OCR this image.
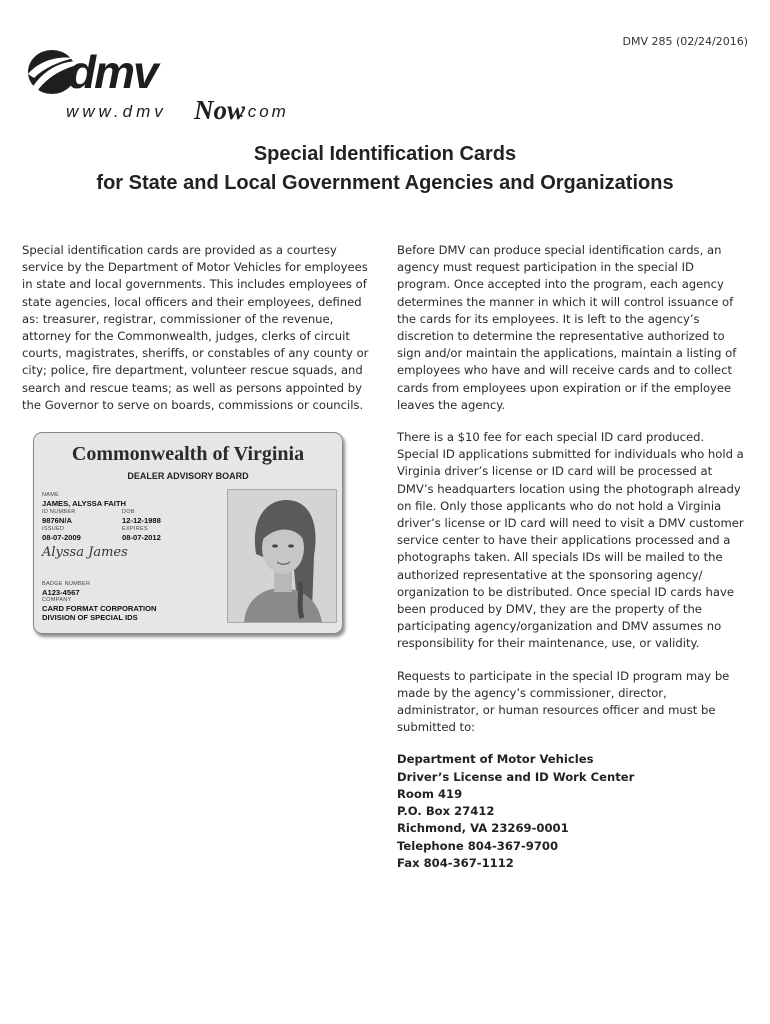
DMV 285 (02/24/2016)
dmv
www.dmv Now
.com
Special Identification Cards
for State and Local Government Agencies and Organizations

Special identification cards are provided as a courtesy service by the Department of Motor Vehicles for employees in state and local governments. This includes employees of state agencies, local officers and their employees, defined as: treasurer, registrar, commissioner of the revenue, attorney for the Commonwealth, judges, clerks of circuit courts, magistrates, sheriffs, or constables of any county or city; police, fire department, volunteer rescue squads, and search and rescue teams; as well as persons appointed by the Governor to serve on boards, commissions or councils.

Commonwealth of Virginia
DEALER ADVISORY BOARD
NAME
JAMES, ALYSSA FAITH
ID NUMBER
9876N/A
DOB
12-12-1988
ISSUED
08-07-2009
EXPIRES
08-07-2012
Alyssa James
BADGE NUMBER
A123-4567
COMPANY
CARD FORMAT CORPORATION
DIVISION OF SPECIAL IDS

Before DMV can produce special identification cards, an agency must request participation in the special ID program. Once accepted into the program, each agency determines the manner in which it will control issuance of the cards for its employees. It is left to the agency’s discretion to determine the representative authorized to sign and/or maintain the applications, maintain a listing of employees who have and will receive cards and to collect cards from employees upon expiration or if the employee leaves the agency.

There is a $10 fee for each special ID card produced. Special ID applications submitted for individuals who hold a Virginia driver’s license or ID card will be processed at DMV’s headquarters location using the photograph already on file. Only those applicants who do not hold a Virginia driver’s license or ID card will need to visit a DMV customer service center to have their applications processed and a photographs taken. All specials IDs will be mailed to the authorized representative at the sponsoring agency/ organization to be distributed. Once special ID cards have been produced by DMV, they are the property of the participating agency/organization and DMV assumes no responsibility for their maintenance, use, or validity.

Requests to participate in the special ID program may be made by the agency’s commissioner, director, administrator, or human resources officer and must be submitted to:

Department of Motor Vehicles

Driver’s License and ID Work Center

Room 419

P.O. Box 27412

Richmond, VA 23269-0001

Telephone 804-367-9700

Fax 804-367-1112
